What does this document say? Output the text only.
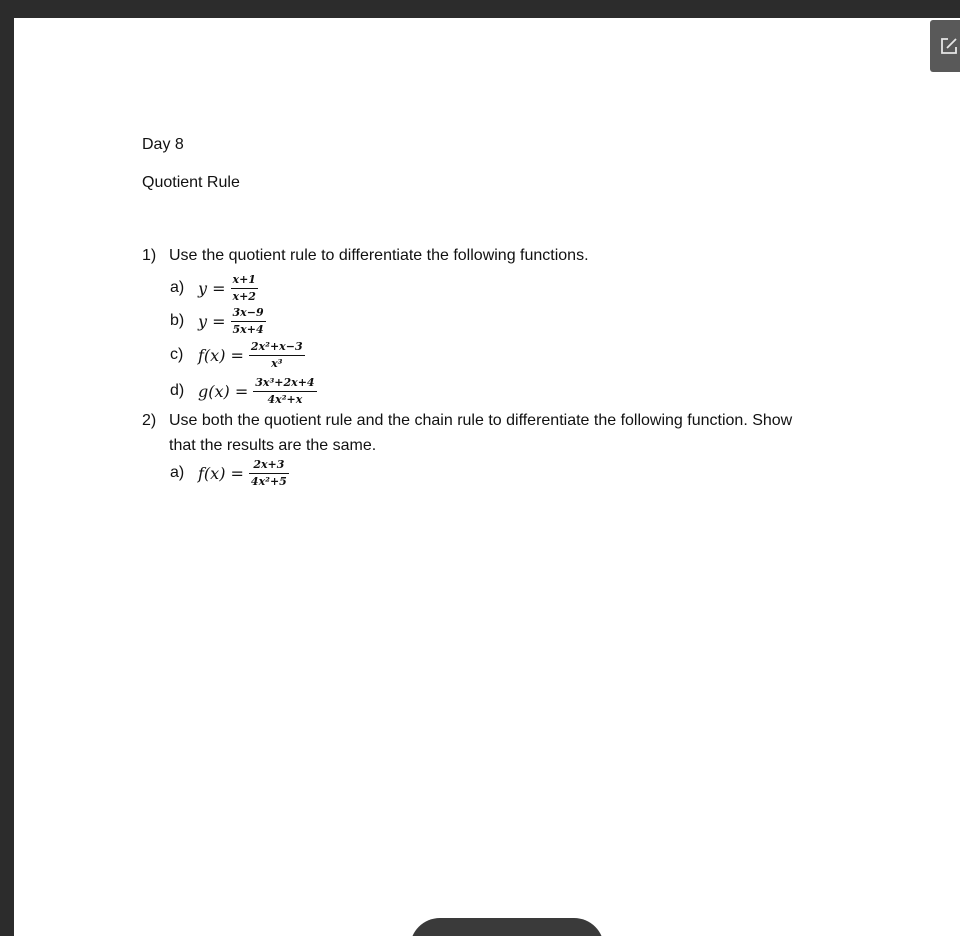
Day 8
Quotient Rule
1) Use the quotient rule to differentiate the following functions.
a) $y = \frac{x+1}{x+2}$
b) $y = \frac{3x-9}{5x+4}$
c) $f(x) = \frac{\text{2x²+x−3}}{\text{x³}}$
d) $g(x) = \frac{\text{3x³+2x+4}}{\text{4x²+x}}$
2) Use both the quotient rule and the chain rule to differentiate the following function. Show
that the results are the same.
a) $f(x) = \frac{2x+3}{\text{4x²+5}}$
